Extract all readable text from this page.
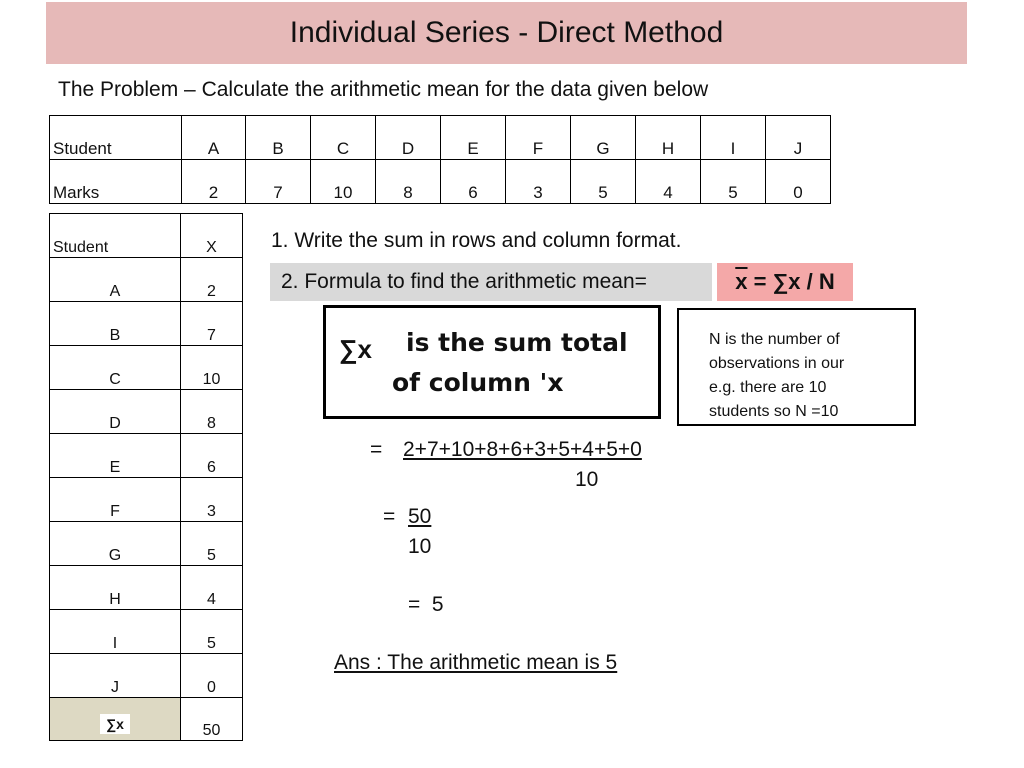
Individual Series - Direct Method
The Problem – Calculate the arithmetic mean for the data given below
Student	A	B	C	D	E	F	G	H	I	J
Marks	2	7	10	8	6	3	5	4	5	0
Student	X
A	2
B	7
C	10
D	8
E	6
F	3
G	5
H	4
I	5
J	0
∑x	50
1. Write the sum in rows and column format.
2. Formula to find the arithmetic mean=	$\overline{x} = \sum x / N$
∑x is the sum total
of column 'x
N is the number of
observations in our
e.g. there are 10
students so N =10
= 2+7+10+8+6+3+5+4+5+0
10
= 50
10
=  5
Ans : The arithmetic mean is 5
